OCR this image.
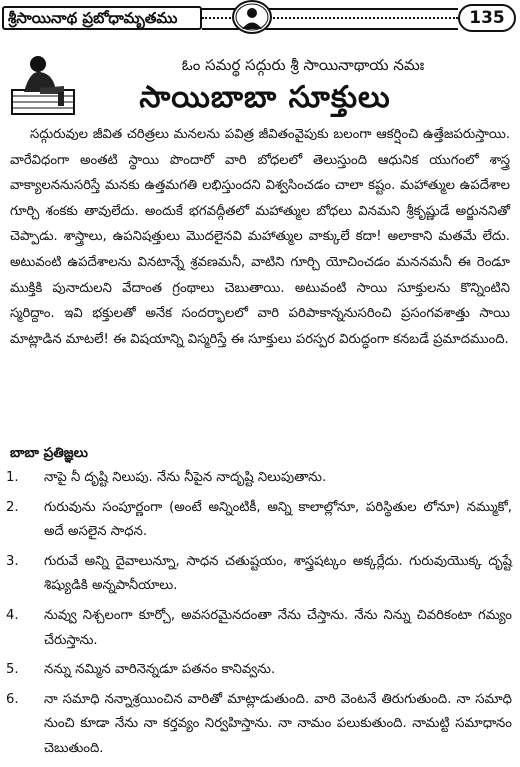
శ్రీసాయినాథ ప్రబోధామృతము	135
ఓం సమర్థ సద్గురు శ్రీ సాయినాథాయ నమః
సాయిబాబా సూక్తులు

సద్గురువుల జీవిత చరిత్రలు మనలను పవిత్ర జీవితంవైపుకు బలంగా ఆకర్షించి ఉత్తేజపరుస్తాయి. వారేవిధంగా అంతటి స్థాయి పొందారో వారి బోధలలో తెలుస్తుంది ఆధునిక యుగంలో శాస్త్ర వాక్యాలననుసరిస్తే మనకు ఉత్తమగతి లభిస్తుందని విశ్వసించడం చాలా కష్టం. మహాత్ముల ఉపదేశాల గూర్చి శంకకు తావులేదు. అందుకే భగవద్గీతలో మహాత్ముల బోధలు వినమని శ్రీకృష్ణుడే అర్జుననితో చెప్పాడు. శాస్త్రాలు, ఉపనిషత్తులు మొదలైనవి మహాత్ముల వాక్కులే కదా! అలాకాని మతమే లేదు. అటువంటి ఉపదేశాలను వినటాన్నే శ్రవణమనీ, వాటిని గూర్చి యోచించడం మననమనీ ఈ రెండూ ముక్తికి పునాదులని వేదాంత గ్రంథాలు చెబుతాయి. అటువంటి సాయి సూక్తులను కొన్నింటిని స్మరిద్దాం. ఇవి భక్తులతో అనేక సందర్భాలలో వారి పరిపాకాన్ననుసరించి ప్రసంగవశాత్తు సాయి మాట్లాడిన మాటలే! ఈ విషయాన్ని విస్మరిస్తే ఈ సూక్తులు పరస్పర విరుద్ధంగా కనబడే ప్రమాదముంది.

బాబా ప్రతిజ్ఞలు
1.	నాపై నీ దృష్టి నిలుపు. నేను నీపైన నాదృష్టి నిలుపుతాను.
2.	గురువును సంపూర్ణంగా (అంటే అన్నింటికీ, అన్ని కాలాల్లోనూ, పరిస్థితుల లోనూ) నమ్ముకో, అదే అసలైన సాధన.
3.	గురువే అన్ని దైవాలున్నూ, సాధన చతుష్టయం, శాస్త్రషట్కం అక్కర్లేదు. గురువుయొక్క దృష్టే శిష్యుడికి అన్నపానీయాలు.
4.	నువ్వు నిశ్చలంగా కూర్చో, అవసరమైనదంతా నేను చేస్తాను. నేను నిన్ను చివరికంటా గమ్యం చేరుస్తాను.
5.	నన్ను నమ్మిన వారినెన్నడూ పతనం కానివ్వను.
6.	నా సమాధి నన్నాశ్రయించిన వారితో మాట్లాడుతుంది. వారి వెంటనే తిరుగుతుంది. నా సమాధి నుంచి కూడా నేను నా కర్తవ్యం నిర్వహిస్తాను. నా నామం పలుకుతుంది. నామట్టి సమాధానం చెబుతుంది.
